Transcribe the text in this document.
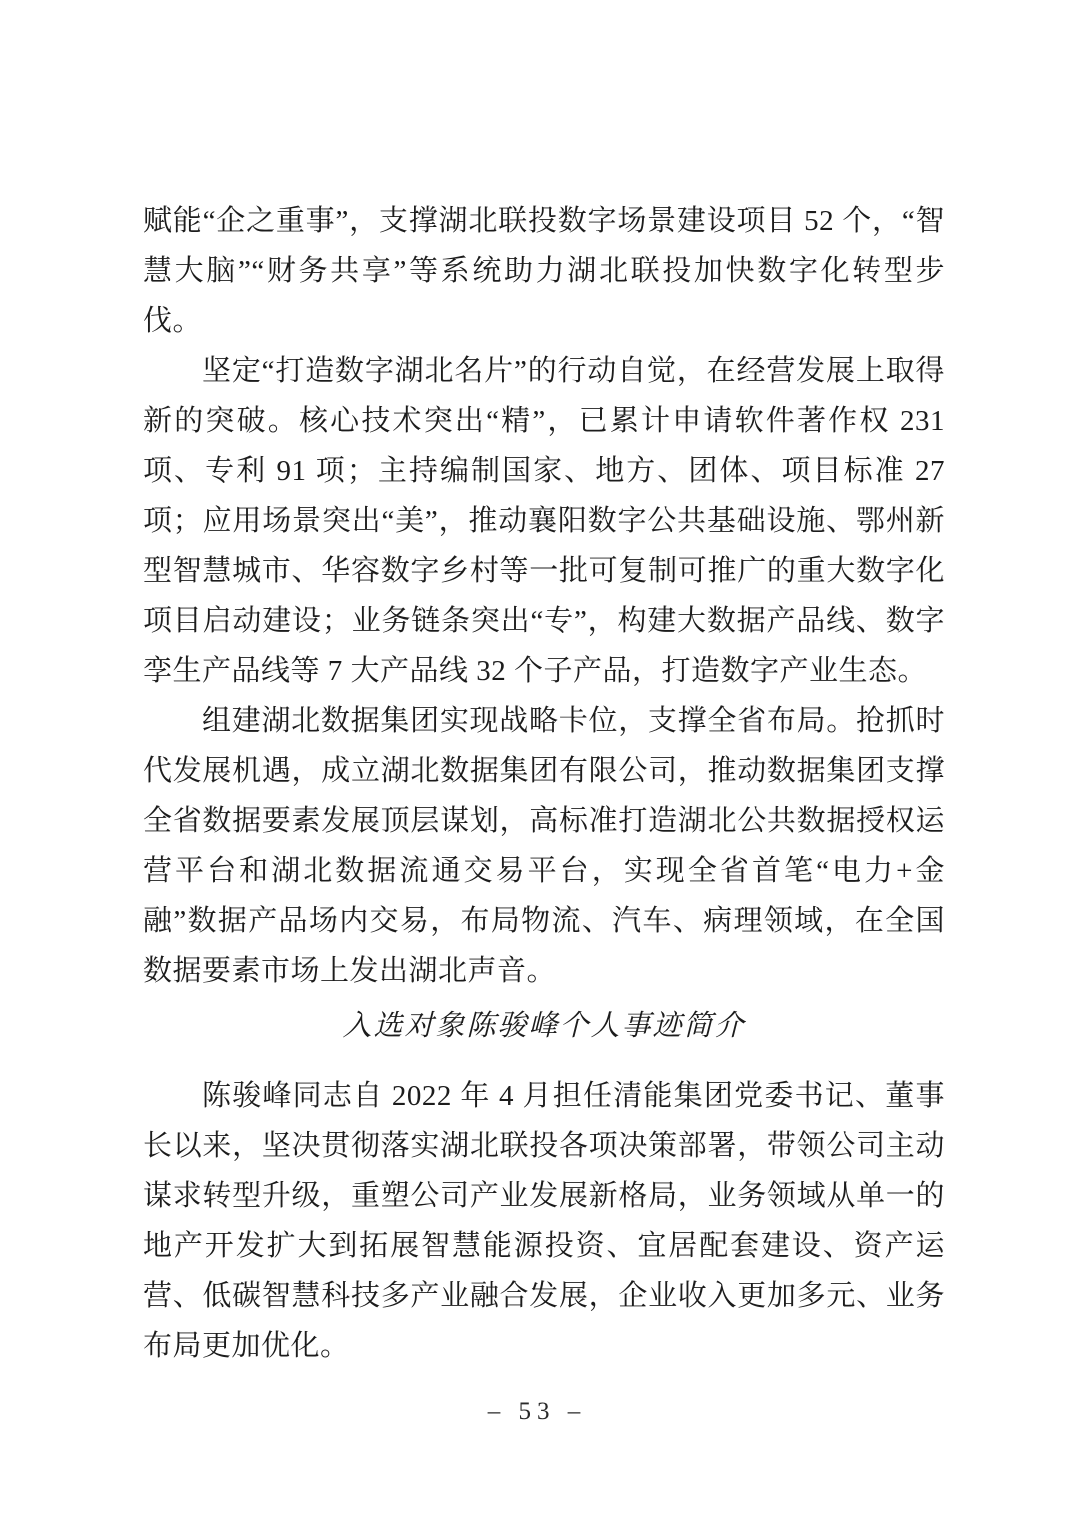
赋能“企之重事”，支撑湖北联投数字场景建设项目 52 个，“智慧大脑”“财务共享”等系统助力湖北联投加快数字化转型步伐。

坚定“打造数字湖北名片”的行动自觉，在经营发展上取得新的突破。核心技术突出“精”，已累计申请软件著作权 231 项、专利 91 项；主持编制国家、地方、团体、项目标准 27 项；应用场景突出“美”，推动襄阳数字公共基础设施、鄂州新型智慧城市、华容数字乡村等一批可复制可推广的重大数字化项目启动建设；业务链条突出“专”，构建大数据产品线、数字孪生产品线等 7 大产品线 32 个子产品，打造数字产业生态。

组建湖北数据集团实现战略卡位，支撑全省布局。抢抓时代发展机遇，成立湖北数据集团有限公司，推动数据集团支撑全省数据要素发展顶层谋划，高标准打造湖北公共数据授权运营平台和湖北数据流通交易平台，实现全省首笔“电力+金融”数据产品场内交易，布局物流、汽车、病理领域，在全国数据要素市场上发出湖北声音。

入选对象陈骏峰个人事迹简介

陈骏峰同志自 2022 年 4 月担任清能集团党委书记、董事长以来，坚决贯彻落实湖北联投各项决策部署，带领公司主动谋求转型升级，重塑公司产业发展新格局，业务领域从单一的地产开发扩大到拓展智慧能源投资、宜居配套建设、资产运营、低碳智慧科技多产业融合发展，企业收入更加多元、业务布局更加优化。

– 53 –
